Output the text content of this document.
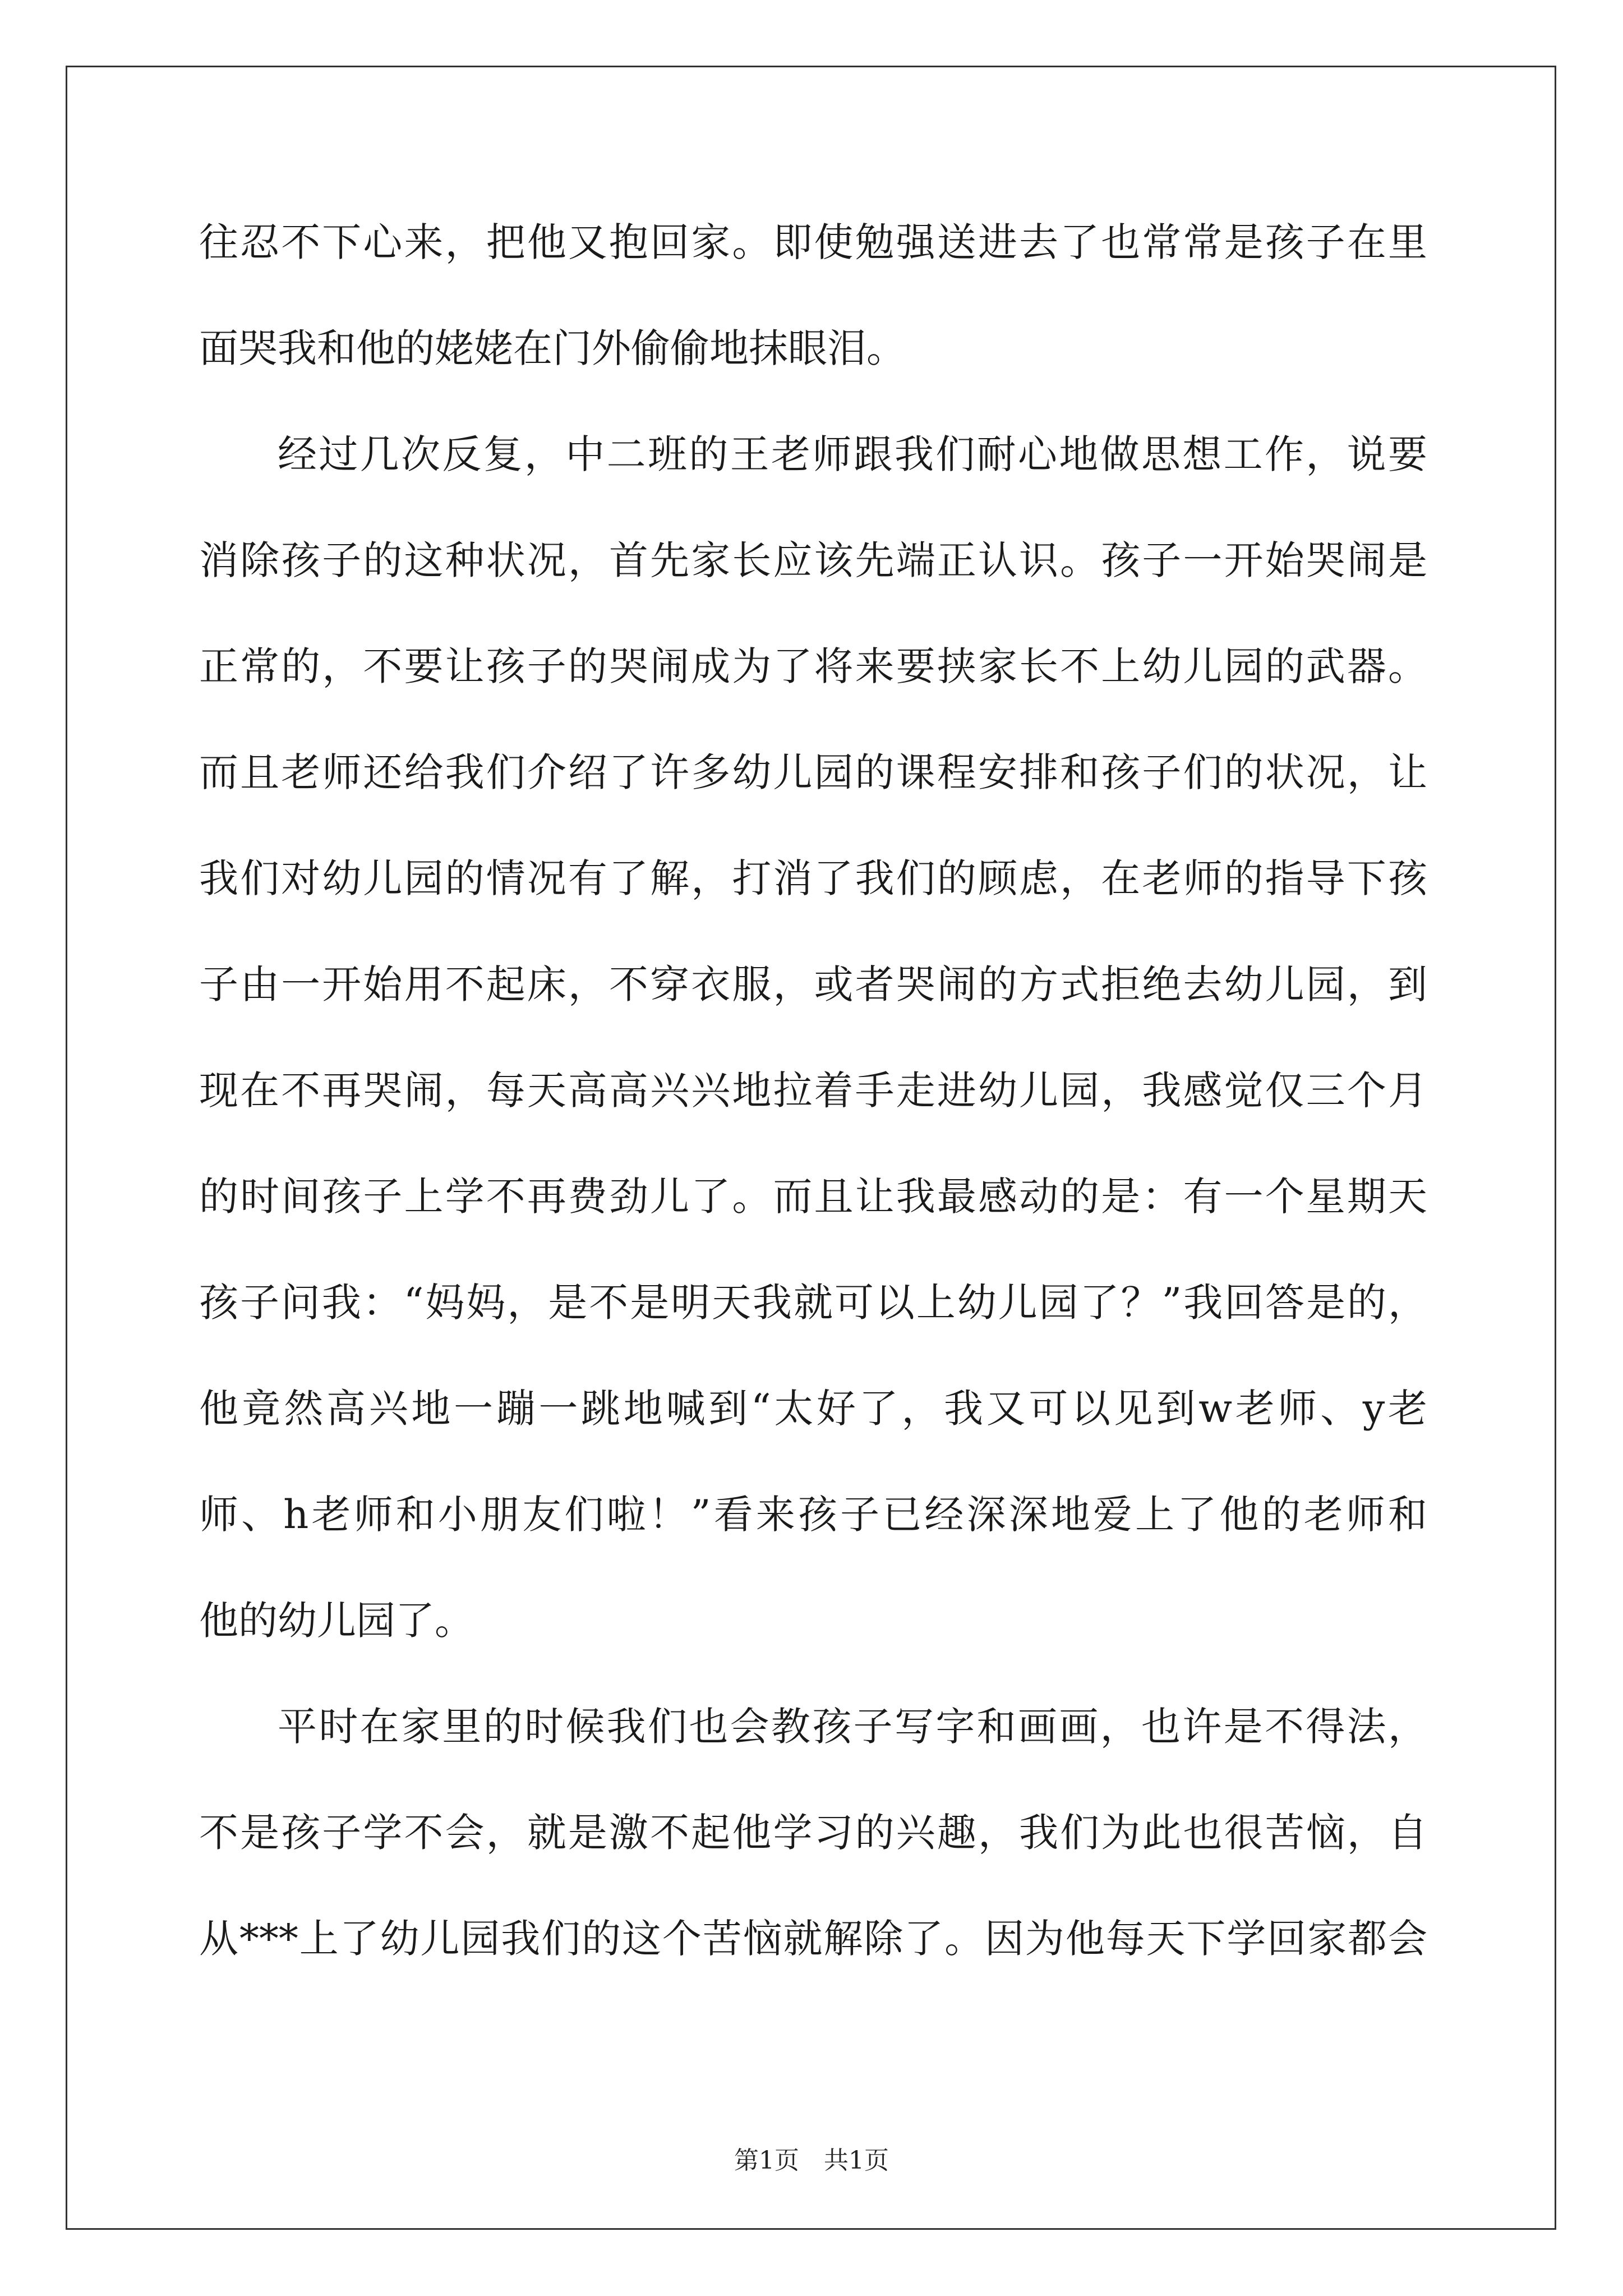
往忍不下心来，把他又抱回家。即使勉强送进去了也常常是孩子在里
面哭我和他的姥姥在门外偷偷地抹眼泪。
经过几次反复，中二班的王老师跟我们耐心地做思想工作，说要
消除孩子的这种状况，首先家长应该先端正认识。孩子一开始哭闹是
正常的，不要让孩子的哭闹成为了将来要挟家长不上幼儿园的武器。
而且老师还给我们介绍了许多幼儿园的课程安排和孩子们的状况，让
我们对幼儿园的情况有了解，打消了我们的顾虑，在老师的指导下孩
子由一开始用不起床，不穿衣服，或者哭闹的方式拒绝去幼儿园，到
现在不再哭闹，每天高高兴兴地拉着手走进幼儿园，我感觉仅三个月
的时间孩子上学不再费劲儿了。而且让我最感动的是：有一个星期天
孩子问我：“妈妈，是不是明天我就可以上幼儿园了？”我回答是的，
他竟然高兴地一蹦一跳地喊到“太好了，我又可以见到w老师、y老
师、h老师和小朋友们啦！”看来孩子已经深深地爱上了他的老师和
他的幼儿园了。
平时在家里的时候我们也会教孩子写字和画画，也许是不得法，
不是孩子学不会，就是激不起他学习的兴趣，我们为此也很苦恼，自
从***上了幼儿园我们的这个苦恼就解除了。因为他每天下学回家都会
第1页　共1页
